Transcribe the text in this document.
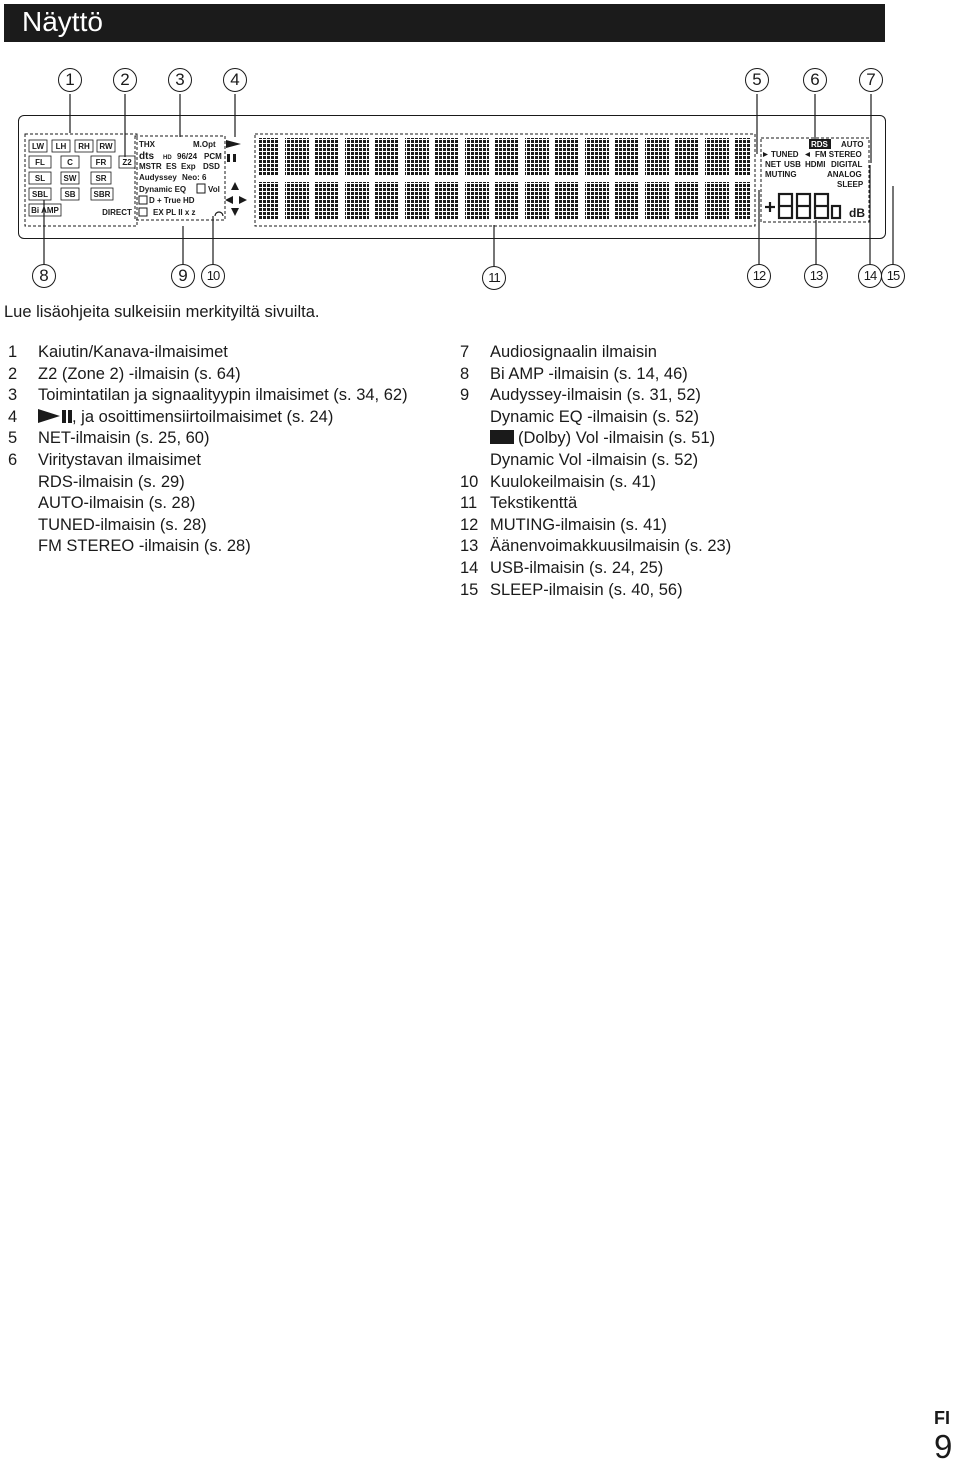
Näyttö
1	2	3	4	5	6	7
LW LH RH RW
FL	C	FR Z2
SL SW SR
SBL SB SBR
Bi AMP	DIRECT
THX	M.Opt
dts HD 96/24 PCM
MSTR ES Exp DSD
Audyssey Neo: 6
Dynamic EQ	Vol
D + True HD
EX PL II x z
RDS AUTO
TUNED FM STEREO
NET USB HDMI DIGITAL
MUTING	ANALOG
SLEEP
dB
8	9	10	11	12	13	14 15
Lue lisäohjeita sulkeisiin merkityiltä sivuilta.
1 Kaiutin/Kanava-ilmaisimet
2 Z2 (Zone 2) -ilmaisin (s. 64)
3 Toimintatilan ja signaalityypin ilmaisimet (s. 34, 62)
4	, ja osoittimensiirtoilmaisimet (s. 24)
5 NET-ilmaisin (s. 25, 60)
6 Viritystavan ilmaisimet
RDS-ilmaisin (s. 29)
AUTO-ilmaisin (s. 28)
TUNED-ilmaisin (s. 28)
FM STEREO -ilmaisin (s. 28)
7 Audiosignaalin ilmaisin
8 Bi AMP -ilmaisin (s. 14, 46)
9 Audyssey-ilmaisin (s. 31, 52)
Dynamic EQ -ilmaisin (s. 52)
(Dolby) Vol -ilmaisin (s. 51)
Dynamic Vol -ilmaisin (s. 52)
10 Kuulokeilmaisin (s. 41)
11 Tekstikenttä
12 MUTING-ilmaisin (s. 41)
13 Äänenvoimakkuusilmaisin (s. 23)
14 USB-ilmaisin (s. 24, 25)
15 SLEEP-ilmaisin (s. 40, 56)
FI
9
